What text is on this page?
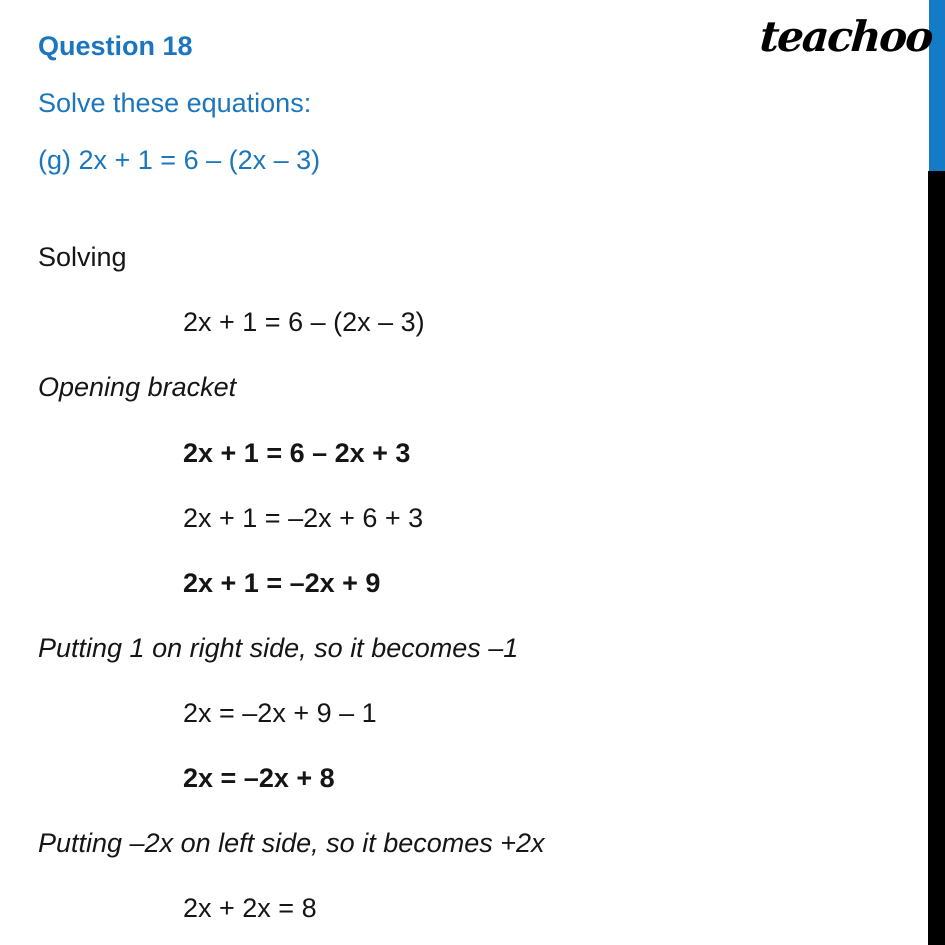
teachoo
Question 18
Solve these equations:
(g) 2x + 1 = 6 – (2x – 3)
Solving
2x + 1 = 6 – (2x – 3)
Opening bracket
2x + 1 = 6 – 2x + 3
2x + 1 = –2x + 6 + 3
2x + 1 = –2x + 9
Putting 1 on right side, so it becomes –1
2x = –2x + 9 – 1
2x = –2x + 8
Putting –2x on left side, so it becomes +2x
2x + 2x = 8
